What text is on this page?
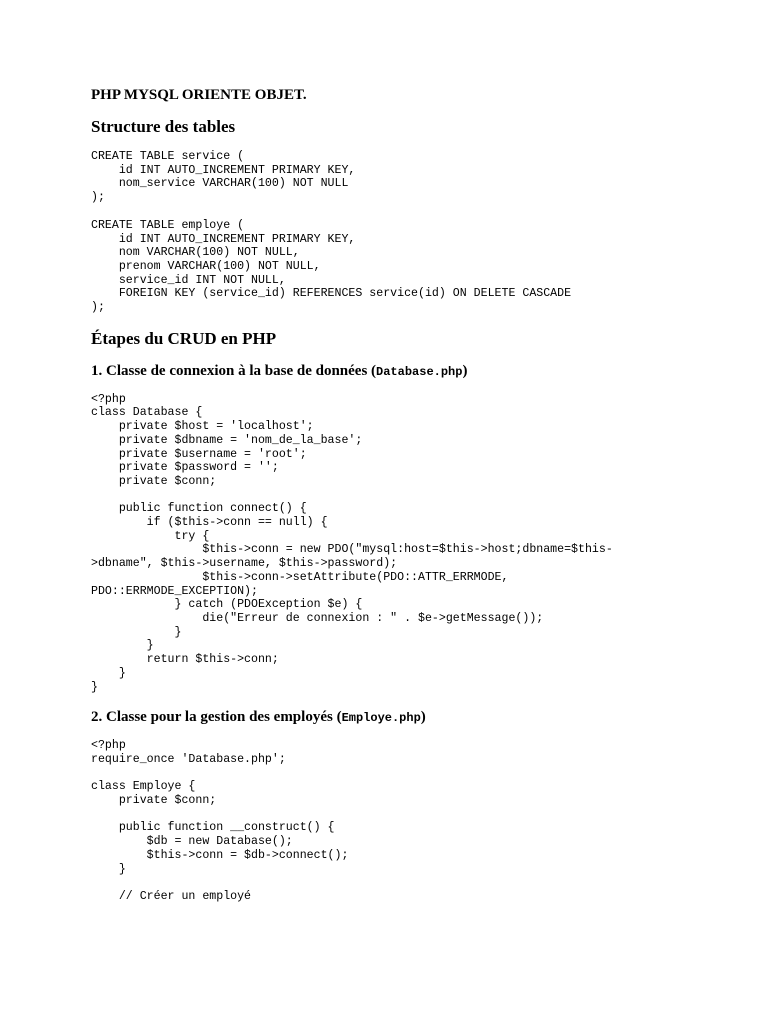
PHP MYSQL ORIENTE OBJET.
Structure des tables
CREATE TABLE service (
id INT AUTO_INCREMENT PRIMARY KEY,
nom_service VARCHAR(100) NOT NULL
);
CREATE TABLE employe (
id INT AUTO_INCREMENT PRIMARY KEY,
nom VARCHAR(100) NOT NULL,
prenom VARCHAR(100) NOT NULL,
service_id INT NOT NULL,
FOREIGN KEY (service_id) REFERENCES service(id) ON DELETE CASCADE
);
Étapes du CRUD en PHP
1. Classe de connexion à la base de données (Database.php)
<?php
class Database {
private $host = 'localhost';
private $dbname = 'nom_de_la_base';
private $username = 'root';
private $password = '';
private $conn;

public function connect() {
if ($this->conn == null) {
try {
$this->conn = new PDO("mysql:host=$this->host;dbname=$this-
>dbname", $this->username, $this->password);
$this->conn->setAttribute(PDO::ATTR_ERRMODE,
PDO::ERRMODE_EXCEPTION);
} catch (PDOException $e) {
die("Erreur de connexion : " . $e->getMessage());
}
}
return $this->conn;
}
}
2. Classe pour la gestion des employés (Employe.php)
<?php
require_once 'Database.php';

class Employe {
private $conn;

public function __construct() {
$db = new Database();
$this->conn = $db->connect();
}

// Créer un employé
